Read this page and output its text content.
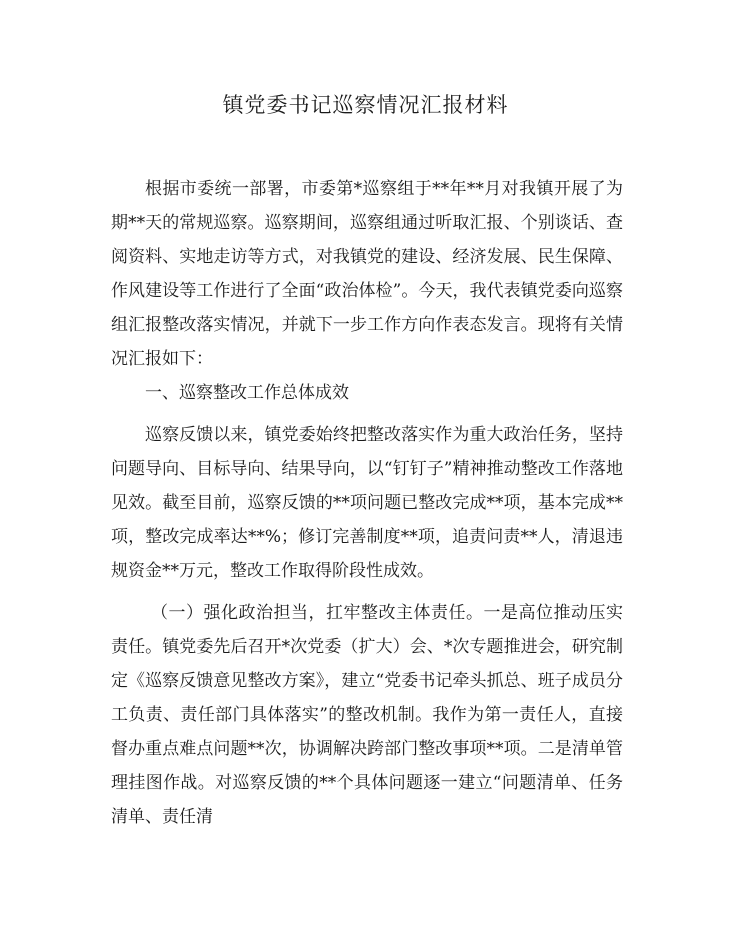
镇党委书记巡察情况汇报材料

根据市委统一部署，市委第*巡察组于**年**月对我镇开展了为期**天的常规巡察。巡察期间，巡察组通过听取汇报、个别谈话、查阅资料、实地走访等方式，对我镇党的建设、经济发展、民生保障、作风建设等工作进行了全面“政治体检”。今天，我代表镇党委向巡察组汇报整改落实情况，并就下一步工作方向作表态发言。现将有关情况汇报如下：

一、巡察整改工作总体成效

巡察反馈以来，镇党委始终把整改落实作为重大政治任务，坚持问题导向、目标导向、结果导向，以“钉钉子”精神推动整改工作落地见效。截至目前，巡察反馈的**项问题已整改完成**项，基本完成**项，整改完成率达**%；修订完善制度**项，追责问责**人，清退违规资金**万元，整改工作取得阶段性成效。

（一）强化政治担当，扛牢整改主体责任。一是高位推动压实责任。镇党委先后召开*次党委（扩大）会、*次专题推进会，研究制定《巡察反馈意见整改方案》，建立“党委书记牵头抓总、班子成员分工负责、责任部门具体落实”的整改机制。我作为第一责任人，直接督办重点难点问题**次，协调解决跨部门整改事项**项。二是清单管理挂图作战。对巡察反馈的**个具体问题逐一建立“问题清单、任务清单、责任清
